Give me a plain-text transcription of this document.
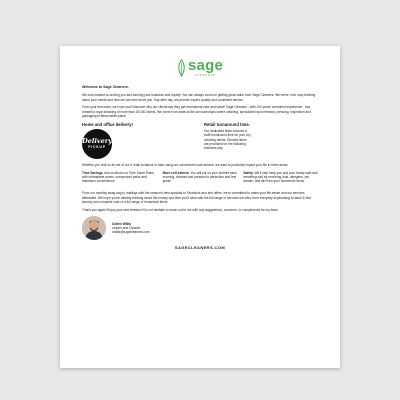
sage
cleaners
Welcome to Sage Cleaners.

We look forward to serving you and earning your business and loyalty! You can always count on getting great value from Sage Cleaners. We never, ever stop thinking about your needs and how we can best serve you. Day after day, we provide expert, quality and consistent service.

From your first order, we hope you'll discover why our clients say they get exceptional care and value! Sage Cleaners - with 100 years' combined experience - has created a loyal following of more than 28,000 clients. We come from state-of-the-art workshops where cleaning, specialized spot removal, pressing, inspection and packaging of items takes place.

Home and office delivery!
Delivery
PICKUP
Retail turnaround time.

Our dedicated team ensures a swift turnaround time for your dry cleaning needs. Rushed items are promised for the following business day.

Whether you visit us at one of our 8 retail locations or start using our convenient route service, we want to positively impact your life in three areas:

Time Savings. Ask us about our Time Saver Plans with unbeatable prices, unexpected perks and maximum convenience.

More self-esteem. You will put on your clothes each morning, cleaned and pressed to perfection and feel great!

Safety. We'll help keep you and your family safe and breathing well by removing dust, allergens, pet dander, and dirt from your household items.

From our monthly swag bag to mailings with the season's best specials to Facebook and text offers, we're committed to make your life easier and our services affordable. We hope you're already thinking about the money and time you'll save with the full range of services we offer, from everyday drycleaning to wash & fold laundry and complete care of a full range of household items.

Thank you again! Enjoy your new freedom! Do not hesitate to reach out to me with any suggestions, concerns, or compliments for my team.

Colten Willis
Leader and Cleaner
cwillis@sagecleaners.com
SAGECLEANERS.COM
